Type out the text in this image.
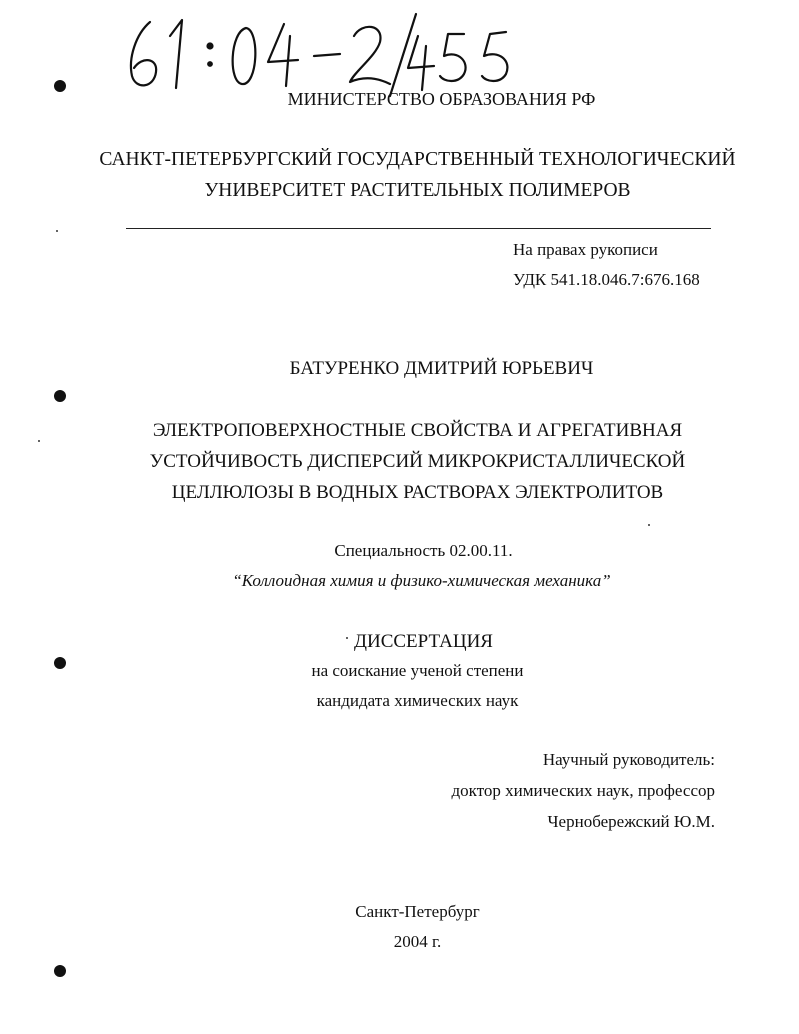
МИНИСТЕРСТВО ОБРАЗОВАНИЯ РФ
САНКТ-ПЕТЕРБУРГСКИЙ ГОСУДАРСТВЕННЫЙ ТЕХНОЛОГИЧЕСКИЙ
УНИВЕРСИТЕТ РАСТИТЕЛЬНЫХ ПОЛИМЕРОВ
На правах рукописи
УДК 541.18.046.7:676.168
БАТУРЕНКО ДМИТРИЙ ЮРЬЕВИЧ
ЭЛЕКТРОПОВЕРХНОСТНЫЕ СВОЙСТВА И АГРЕГАТИВНАЯ
УСТОЙЧИВОСТЬ ДИСПЕРСИЙ МИКРОКРИСТАЛЛИЧЕСКОЙ
ЦЕЛЛЮЛОЗЫ В ВОДНЫХ РАСТВОРАХ ЭЛЕКТРОЛИТОВ
Специальность 02.00.11.
“Коллоидная химия и физико-химическая механика”
ДИССЕРТАЦИЯ
на соискание ученой степени
кандидата химических наук
Научный руководитель:
доктор химических наук, профессор
Чернобережский Ю.М.
Санкт-Петербург
2004 г.
